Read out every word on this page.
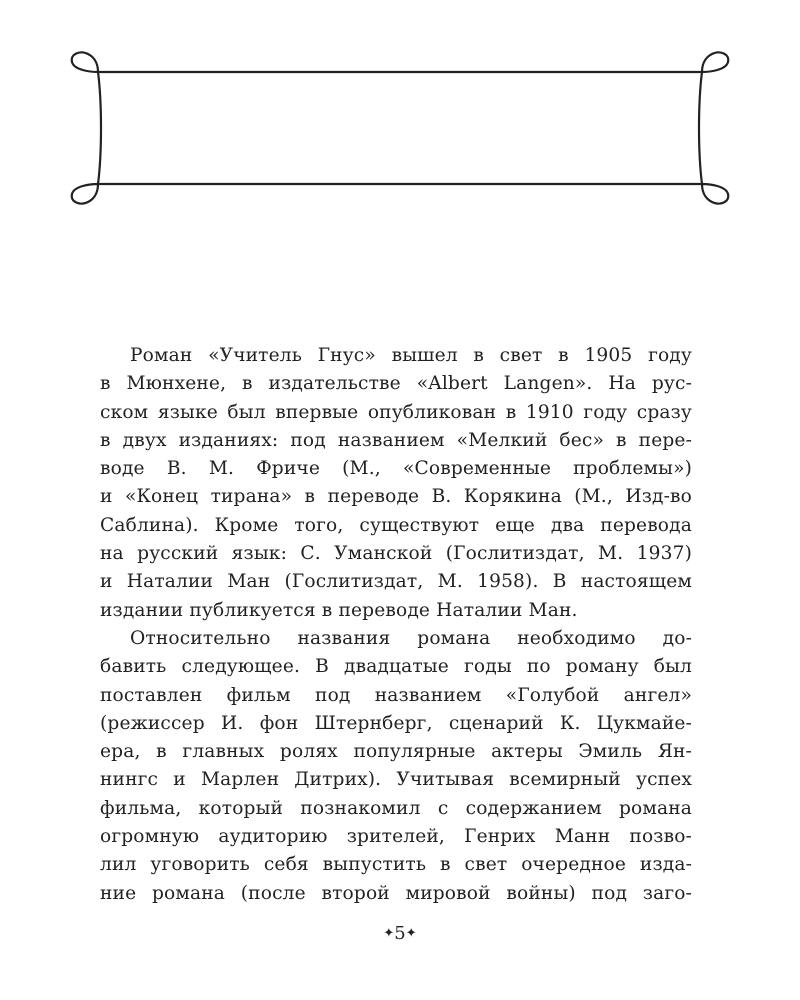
Роман «Учитель Гнус» вышел в свет в 1905 году
в Мюнхене, в издательстве «Albert Langen». На рус-
ском языке был впервые опубликован в 1910 году сразу
в двух изданиях: под названием «Мелкий бес» в пере-
воде В. М. Фриче (М., «Современные проблемы»)
и «Конец тирана» в переводе В. Корякина (М., Изд-во
Саблина). Кроме того, существуют еще два перевода
на русский язык: С. Уманской (Гослитиздат, М. 1937)
и Наталии Ман (Гослитиздат, М. 1958). В настоящем
издании публикуется в переводе Наталии Ман.
Относительно названия романа необходимо до-
бавить следующее. В двадцатые годы по роману был
поставлен фильм под названием «Голубой ангел»
(режиссер И. фон Штернберг, сценарий К. Цукмайе-
ера, в главных ролях популярные актеры Эмиль Ян-
нингс и Марлен Дитрих). Учитывая всемирный успех
фильма, который познакомил с содержанием романа
огромную аудиторию зрителей, Генрих Манн позво-
лил уговорить себя выпустить в свет очередное изда-
ние романа (после второй мировой войны) под заго-
✦5✦
